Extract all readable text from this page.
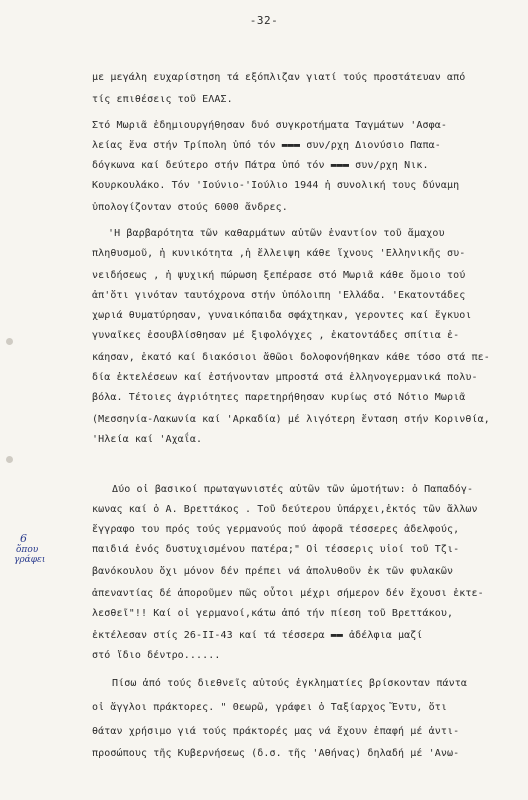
-32-
με μεγάλη ευχαρίστηση τά εξόπλιζαν γιατί τούς προστάτευαν από
τίς επιθέσεις τοῦ ΕΛΑΣ.
Στό Μωριᾶ ἐδημιουργήθησαν δυό συγκροτήματα Ταγμάτων 'Ασφα-
λείας ἕνα στήν Τρίπολη ὑπό τόν ▬▬▬ συν/ρχη Διονύσιο Παπα-
δόγκωνα καί δεύτερο στήν Πάτρα ὑπό τόν ▬▬▬ συν/ρχη Νικ.
Κουρκουλάκο. Τόν 'Ιούνιο-'Ιούλιο 1944 ἡ συνολική τους δύναμη
ὑπολογίζονταν στούς 6000 ἄνδρες.
'Η βαρβαρότητα τῶν καθαρμάτων αὐτῶν ἐναντίον τοῦ ἄμαχου
πληθυσμοῦ, ἡ κυνικότητα ,ἡ ἔλλειψη κάθε ἴχνους 'Ελληνικῆς συ-
νειδήσεως , ἡ ψυχική πώρωση ξεπέρασε στό Μωριᾶ κάθε ὅμοιο τού
ἀπ'ὅτι γινόταν ταυτόχρονα στήν ὑπόλοιπη 'Ελλάδα. 'Εκατοντάδες
χωριά θυματύρησαν, γυναικόπαιδα σφάχτηκαν, γεροντες καί ἔγκυοι
γυναῖκες ἐσουβλίσθησαν μέ ξιφολόγχες , ἑκατοντάδες σπίτια ἐ-
κάησαν, ἑκατό καί διακόσιοι ἄθῶοι δολοφονήθηκαν κάθε τόσο στά πε-
δία ἐκτελέσεων καί ἐστήνονταν μπροστά στά ἑλληνογερμανικά πολυ-
βόλα. Τέτοιες ἀγριότητες παρετηρήθησαν κυρίως στό Νότιο Μωριᾶ
(Μεσσηνία-Λακωνία καί 'Αρκαδία) μέ λιγότερη ἔνταση στήν Κορινθία,
'Ηλεία καί 'Αχαΐα.
Δύο οἱ βασικοί πρωταγωνιστές αὐτῶν τῶν ὠμοτήτων: ὁ Παπαδόγ-
κωνας καί ὁ Α. Βρεττάκος . Τοῦ δεύτερου ὑπάρχει,ἐκτός τῶν ἄλλων
ἔγγραφο του πρός τούς γερμανούς πού ἀφορᾶ τέσσερες ἀδελφούς,
παιδιά ἑνός δυστυχισμένου πατέρα;" Οἱ τέσσερις υἱοί τοῦ Τζι-
βανόκουλου ὄχι μόνον δέν πρέπει νά ἀπολυθοῦν ἐκ τῶν φυλακῶν
ἀπεναντίας δέ ἀποροῦμεν πῶς οὗτοι μέχρι σήμερον δέν ἔχουσι ἐκτε-
λεσθεῖ"!! Καί οἱ γερμανοί,κάτω ἀπό τήν πίεση τοῦ Βρεττάκου,
ἐκτέλεσαν στίς 26-II-43 καί τά τέσσερα ▬▬ ἀδέλφια μαζί
στό ἴδιο δέντρο......
Πίσω ἀπό τούς διεθνεῖς αὐτούς ἐγκληματίες βρίσκονταν πάντα
οἱ ἄγγλοι πράκτορες. " Θεωρῶ, γράφει ὁ Ταξίαρχος Ἔντυ, ὅτι
θάταν χρήσιμο γιά τούς πράκτορές μας νά ἔχουν ἐπαφή μέ ἀντι-
προσώπους τῆς Κυβερνήσεως (δ.σ. τῆς 'Αθήνας) δηλαδή μέ 'Ανω-
6
ὅπου
γράφει
